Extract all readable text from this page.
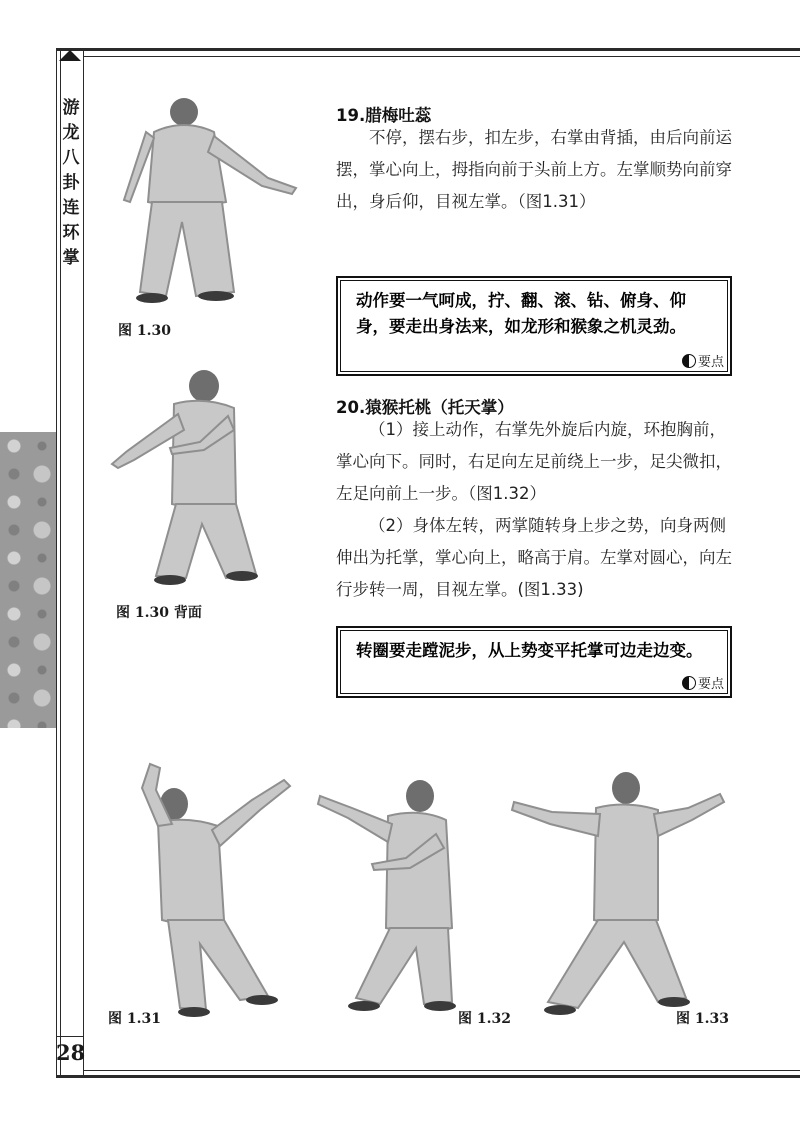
游龙八卦连环掌
28
图 1.30
图 1.30 背面
19.腊梅吐蕊

不停，摆右步，扣左步，右掌由背插，由后向前运摆，掌心向上，拇指向前于头前上方。左掌顺势向前穿出，身后仰，目视左掌。（图1.31）

动作要一气呵成，拧、翻、滚、钻、俯身、仰身，要走出身法来，如龙形和猴象之机灵劲。

要点
20.猿猴托桃（托天掌）

（1）接上动作，右掌先外旋后内旋，环抱胸前，掌心向下。同时，右足向左足前绕上一步，足尖微扣，左足向前上一步。（图1.32）

（2）身体左转，两掌随转身上步之势，向身两侧伸出为托掌，掌心向上，略高于肩。左掌对圆心，向左行步转一周，目视左掌。(图1.33)

转圈要走蹚泥步，从上势变平托掌可边走边变。

要点
图 1.31	图 1.32	图 1.33
